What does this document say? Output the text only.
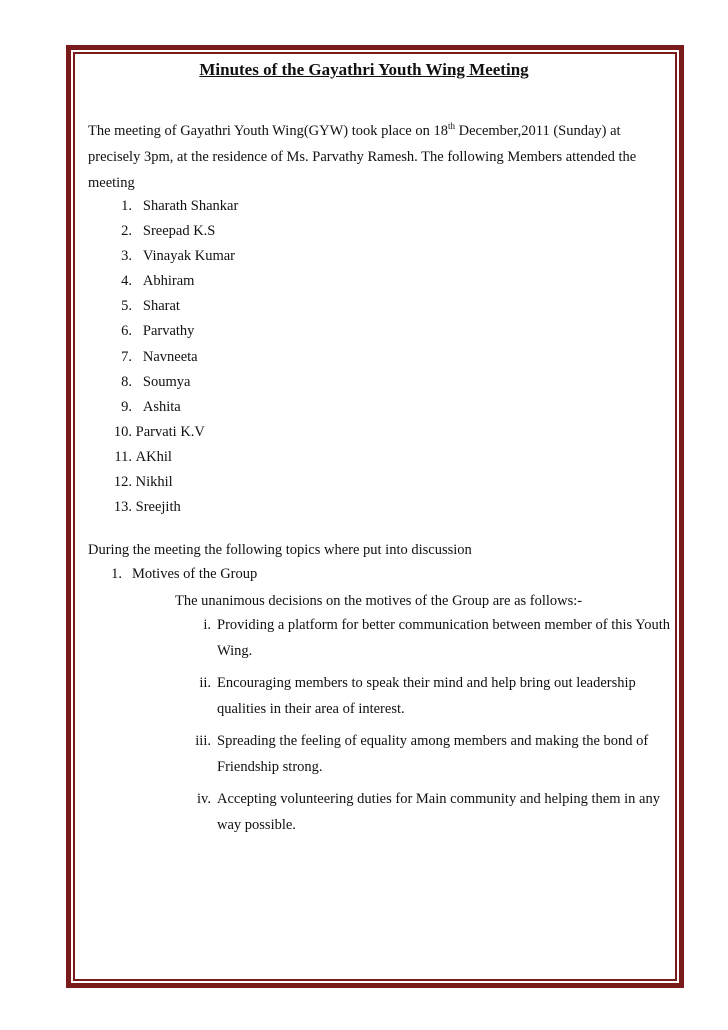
Minutes of the Gayathri Youth Wing Meeting

The meeting of Gayathri Youth Wing(GYW) took place on 18th December,2011 (Sunday) at
precisely 3pm, at the residence of Ms. Parvathy Ramesh. The following Members attended the
meeting

1. Sharath Shankar
2. Sreepad K.S
3. Vinayak Kumar
4. Abhiram
5. Sharat
6. Parvathy
7. Navneeta
8. Soumya
9. Ashita
10. Parvati K.V
11. AKhil
12. Nikhil
13. Sreejith

During the meeting the following topics where put into discussion

1. Motives of the Group

The unanimous decisions on the motives of the Group are as follows:-

i. Providing a platform for better communication between member of this Youth Wing.
ii. Encouraging members to speak their mind and help bring out leadership qualities in their area of interest.
iii. Spreading the feeling of equality among members and making the bond of Friendship strong.
iv. Accepting volunteering duties for Main community and helping them in any way possible.
